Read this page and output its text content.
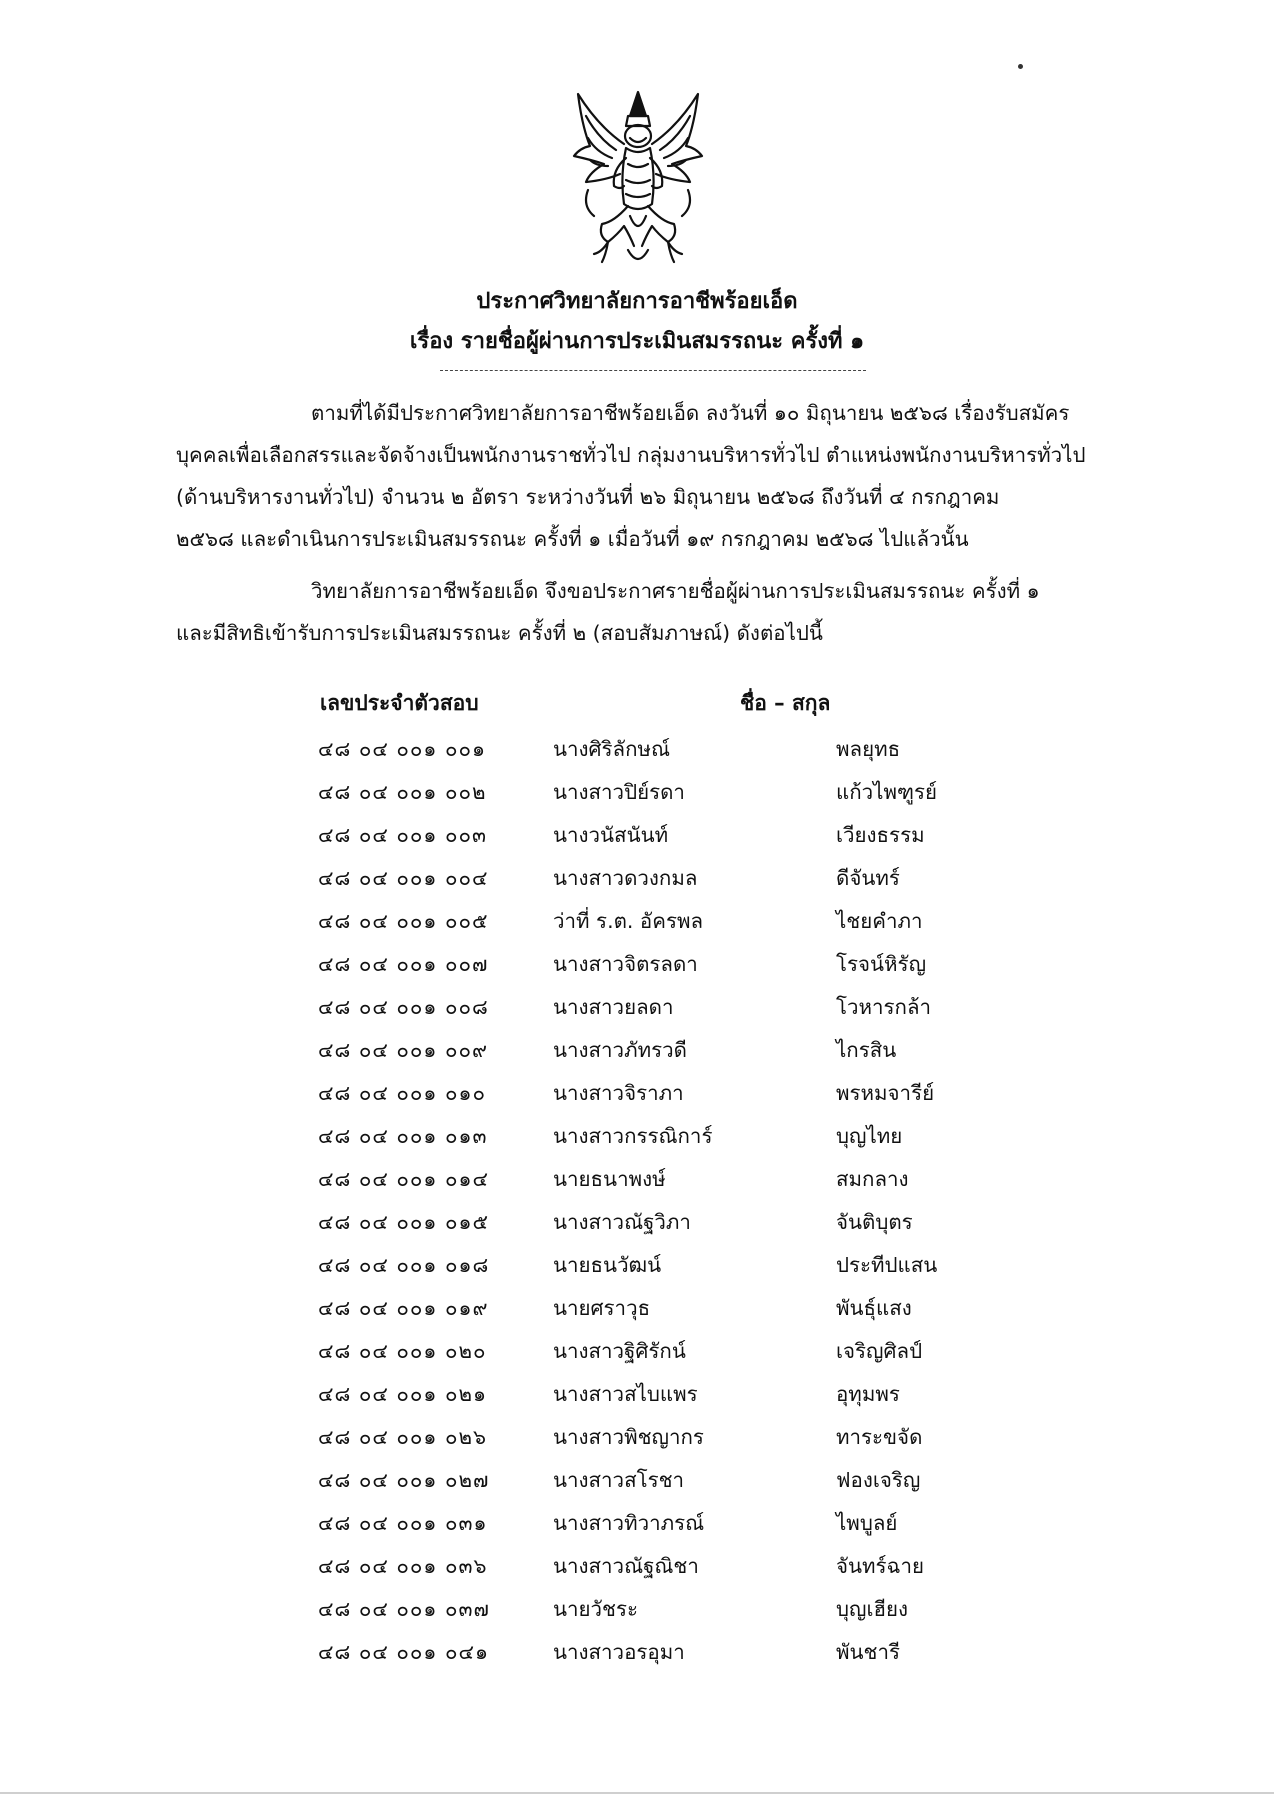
ประกาศวิทยาลัยการอาชีพร้อยเอ็ด
เรื่อง รายชื่อผู้ผ่านการประเมินสมรรถนะ ครั้งที่ ๑

ตามที่ได้มีประกาศวิทยาลัยการอาชีพร้อยเอ็ด ลงวันที่ ๑๐ มิถุนายน ๒๕๖๘ เรื่องรับสมัคร

บุคคลเพื่อเลือกสรรและจัดจ้างเป็นพนักงานราชทั่วไป กลุ่มงานบริหารทั่วไป ตำแหน่งพนักงานบริหารทั่วไป

(ด้านบริหารงานทั่วไป) จำนวน ๒ อัตรา ระหว่างวันที่ ๒๖ มิถุนายน ๒๕๖๘ ถึงวันที่ ๔ กรกฎาคม

๒๕๖๘ และดำเนินการประเมินสมรรถนะ ครั้งที่ ๑ เมื่อวันที่ ๑๙ กรกฎาคม ๒๕๖๘ ไปแล้วนั้น

วิทยาลัยการอาชีพร้อยเอ็ด จึงขอประกาศรายชื่อผู้ผ่านการประเมินสมรรถนะ ครั้งที่ ๑

และมีสิทธิเข้ารับการประเมินสมรรถนะ ครั้งที่ ๒ (สอบสัมภาษณ์) ดังต่อไปนี้

เลขประจำตัวสอบ	ชื่อ – สกุล
๔๘ ๐๔ ๐๐๑ ๐๐๑	นางศิริลักษณ์	พลยุทธ
๔๘ ๐๔ ๐๐๑ ๐๐๒	นางสาวปิย์รดา	แก้วไพฑูรย์
๔๘ ๐๔ ๐๐๑ ๐๐๓	นางวนัสนันท์	เวียงธรรม
๔๘ ๐๔ ๐๐๑ ๐๐๔	นางสาวดวงกมล	ดีจันทร์
๔๘ ๐๔ ๐๐๑ ๐๐๕	ว่าที่ ร.ต. อัครพล	ไชยคำภา
๔๘ ๐๔ ๐๐๑ ๐๐๗	นางสาวจิตรลดา	โรจน์หิรัญ
๔๘ ๐๔ ๐๐๑ ๐๐๘	นางสาวยลดา	โวหารกล้า
๔๘ ๐๔ ๐๐๑ ๐๐๙	นางสาวภัทรวดี	ไกรสิน
๔๘ ๐๔ ๐๐๑ ๐๑๐	นางสาวจิราภา	พรหมจารีย์
๔๘ ๐๔ ๐๐๑ ๐๑๓	นางสาวกรรณิการ์	บุญไทย
๔๘ ๐๔ ๐๐๑ ๐๑๔	นายธนาพงษ์	สมกลาง
๔๘ ๐๔ ๐๐๑ ๐๑๕	นางสาวณัฐวิภา	จันติบุตร
๔๘ ๐๔ ๐๐๑ ๐๑๘	นายธนวัฒน์	ประทีปแสน
๔๘ ๐๔ ๐๐๑ ๐๑๙	นายศราวุธ	พันธุ์แสง
๔๘ ๐๔ ๐๐๑ ๐๒๐	นางสาวฐิศิรักน์	เจริญศิลป์
๔๘ ๐๔ ๐๐๑ ๐๒๑	นางสาวสไบแพร	อุทุมพร
๔๘ ๐๔ ๐๐๑ ๐๒๖	นางสาวพิชญากร	ทาระขจัด
๔๘ ๐๔ ๐๐๑ ๐๒๗	นางสาวสโรชา	ฟองเจริญ
๔๘ ๐๔ ๐๐๑ ๐๓๑	นางสาวทิวาภรณ์	ไพบูลย์
๔๘ ๐๔ ๐๐๑ ๐๓๖	นางสาวณัฐณิชา	จันทร์ฉาย
๔๘ ๐๔ ๐๐๑ ๐๓๗	นายวัชระ	บุญเฮียง
๔๘ ๐๔ ๐๐๑ ๐๔๑	นางสาวอรอุมา	พันชารี
